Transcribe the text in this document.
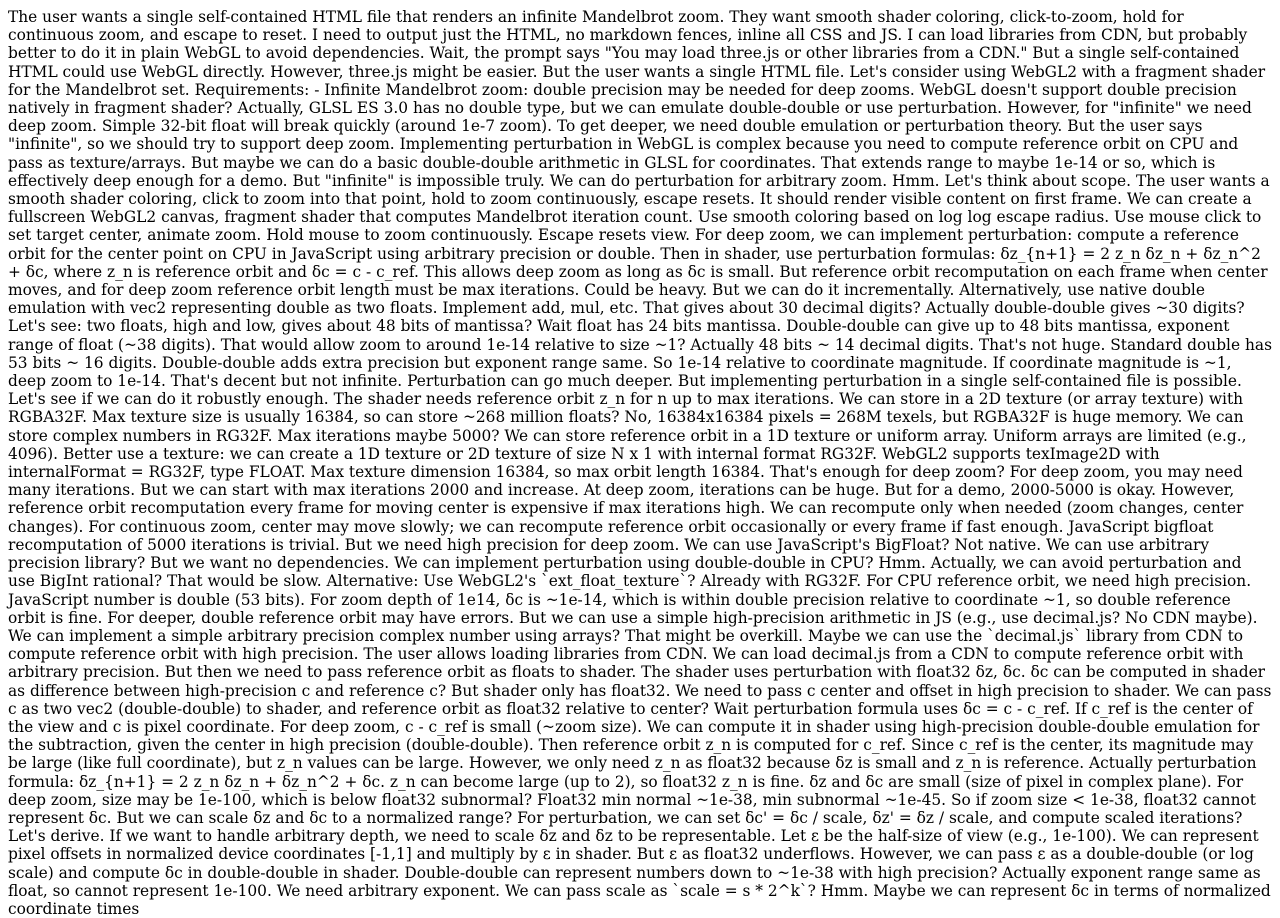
The user wants a single self-contained HTML file that renders an infinite Mandelbrot zoom. They want smooth shader coloring, click-to-zoom, hold for continuous zoom, and escape to reset. I need to output just the HTML, no markdown fences, inline all CSS and JS. I can load libraries from CDN, but probably better to do it in plain WebGL to avoid dependencies. Wait, the prompt says "You may load three.js or other libraries from a CDN." But a single self-contained HTML could use WebGL directly. However, three.js might be easier. But the user wants a single HTML file. Let's consider using WebGL2 with a fragment shader for the Mandelbrot set. Requirements: - Infinite Mandelbrot zoom: double precision may be needed for deep zooms. WebGL doesn't support double precision natively in fragment shader? Actually, GLSL ES 3.0 has no double type, but we can emulate double-double or use perturbation. However, for "infinite" we need deep zoom. Simple 32-bit float will break quickly (around 1e-7 zoom). To get deeper, we need double emulation or perturbation theory. But the user says "infinite", so we should try to support deep zoom. Implementing perturbation in WebGL is complex because you need to compute reference orbit on CPU and pass as texture/arrays. But maybe we can do a basic double-double arithmetic in GLSL for coordinates. That extends range to maybe 1e-14 or so, which is effectively deep enough for a demo. But "infinite" is impossible truly. We can do perturbation for arbitrary zoom. Hmm. Let's think about scope. The user wants a smooth shader coloring, click to zoom into that point, hold to zoom continuously, escape resets. It should render visible content on first frame. We can create a fullscreen WebGL2 canvas, fragment shader that computes Mandelbrot iteration count. Use smooth coloring based on log log escape radius. Use mouse click to set target center, animate zoom. Hold mouse to zoom continuously. Escape resets view. For deep zoom, we can implement perturbation: compute a reference orbit for the center point on CPU in JavaScript using arbitrary precision or double. Then in shader, use perturbation formulas: δz_{n+1} = 2 z_n δz_n + δz_n^2 + δc, where z_n is reference orbit and δc = c - c_ref. This allows deep zoom as long as δc is small. But reference orbit recomputation on each frame when center moves, and for deep zoom reference orbit length must be max iterations. Could be heavy. But we can do it incrementally. Alternatively, use native double emulation with vec2 representing double as two floats. Implement add, mul, etc. That gives about 30 decimal digits? Actually double-double gives ~30 digits? Let's see: two floats, high and low, gives about 48 bits of mantissa? Wait float has 24 bits mantissa. Double-double can give up to 48 bits mantissa, exponent range of float (~38 digits). That would allow zoom to around 1e-14 relative to size ~1? Actually 48 bits ~ 14 decimal digits. That's not huge. Standard double has 53 bits ~ 16 digits. Double-double adds extra precision but exponent range same. So 1e-14 relative to coordinate magnitude. If coordinate magnitude is ~1, deep zoom to 1e-14. That's decent but not infinite. Perturbation can go much deeper. But implementing perturbation in a single self-contained file is possible. Let's see if we can do it robustly enough. The shader needs reference orbit z_n for n up to max iterations. We can store in a 2D texture (or array texture) with RGBA32F. Max texture size is usually 16384, so can store ~268 million floats? No, 16384x16384 pixels = 268M texels, but RGBA32F is huge memory. We can store complex numbers in RG32F. Max iterations maybe 5000? We can store reference orbit in a 1D texture or uniform array. Uniform arrays are limited (e.g., 4096). Better use a texture: we can create a 1D texture or 2D texture of size N x 1 with internal format RG32F. WebGL2 supports texImage2D with internalFormat = RG32F, type FLOAT. Max texture dimension 16384, so max orbit length 16384. That's enough for deep zoom? For deep zoom, you may need many iterations. But we can start with max iterations 2000 and increase. At deep zoom, iterations can be huge. But for a demo, 2000-5000 is okay. However, reference orbit recomputation every frame for moving center is expensive if max iterations high. We can recompute only when needed (zoom changes, center changes). For continuous zoom, center may move slowly; we can recompute reference orbit occasionally or every frame if fast enough. JavaScript bigfloat recomputation of 5000 iterations is trivial. But we need high precision for deep zoom. We can use JavaScript's BigFloat? Not native. We can use arbitrary precision library? But we want no dependencies. We can implement perturbation using double-double in CPU? Hmm. Actually, we can avoid perturbation and use BigInt rational? That would be slow. Alternative: Use WebGL2's `ext_float_texture`? Already with RG32F. For CPU reference orbit, we need high precision. JavaScript number is double (53 bits). For zoom depth of 1e14, δc is ~1e-14, which is within double precision relative to coordinate ~1, so double reference orbit is fine. For deeper, double reference orbit may have errors. But we can use a simple high-precision arithmetic in JS (e.g., use decimal.js? No CDN maybe). We can implement a simple arbitrary precision complex number using arrays? That might be overkill. Maybe we can use the `decimal.js` library from CDN to compute reference orbit with high precision. The user allows loading libraries from CDN. We can load decimal.js from a CDN to compute reference orbit with arbitrary precision. But then we need to pass reference orbit as floats to shader. The shader uses perturbation with float32 δz, δc. δc can be computed in shader as difference between high-precision c and reference c? But shader only has float32. We need to pass c center and offset in high precision to shader. We can pass c as two vec2 (double-double) to shader, and reference orbit as float32 relative to center? Wait perturbation formula uses δc = c - c_ref. If c_ref is the center of the view and c is pixel coordinate. For deep zoom, c - c_ref is small (~zoom size). We can compute it in shader using high-precision double-double emulation for the subtraction, given the center in high precision (double-double). Then reference orbit z_n is computed for c_ref. Since c_ref is the center, its magnitude may be large (like full coordinate), but z_n values can be large. However, we only need z_n as float32 because δz is small and z_n is reference. Actually perturbation formula: δz_{n+1} = 2 z_n δz_n + δz_n^2 + δc. z_n can become large (up to 2), so float32 z_n is fine. δz and δc are small (size of pixel in complex plane). For deep zoom, size may be 1e-100, which is below float32 subnormal? Float32 min normal ~1e-38, min subnormal ~1e-45. So if zoom size < 1e-38, float32 cannot represent δc. But we can scale δz and δc to a normalized range? For perturbation, we can set δc' = δc / scale, δz' = δz / scale, and compute scaled iterations? Let's derive. If we want to handle arbitrary depth, we need to scale δz and δz to be representable. Let ε be the half-size of view (e.g., 1e-100). We can represent pixel offsets in normalized device coordinates [-1,1] and multiply by ε in shader. But ε as float32 underflows. However, we can pass ε as a double-double (or log scale) and compute δc in double-double in shader. Double-double can represent numbers down to ~1e-38 with high precision? Actually exponent range same as float, so cannot represent 1e-100. We need arbitrary exponent. We can pass scale as `scale = s * 2^k`? Hmm. Maybe we can represent δc in terms of normalized coordinate times
